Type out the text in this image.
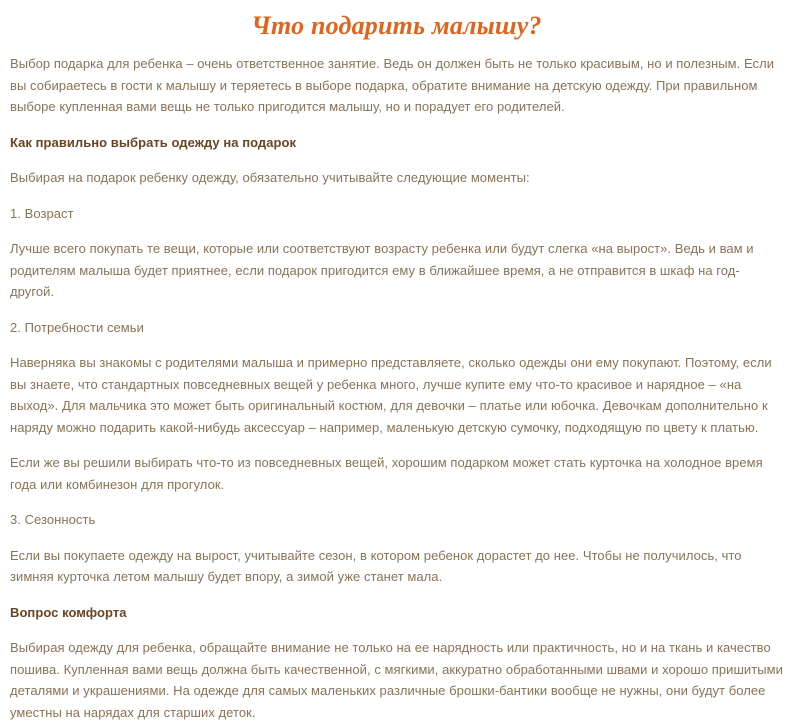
Что подарить малышу?

Выбор подарка для ребенка – очень ответственное занятие. Ведь он должен быть не только красивым, но и полезным. Если вы собираетесь в гости к малышу и теряетесь в выборе подарка, обратите внимание на детскую одежду. При правильном выборе купленная вами вещь не только пригодится малышу, но и порадует его родителей.

Как правильно выбрать одежду на подарок

Выбирая на подарок ребенку одежду, обязательно учитывайте следующие моменты:

1. Возраст

Лучше всего покупать те вещи, которые или соответствуют возрасту ребенка или будут слегка «на вырост». Ведь и вам и родителям малыша будет приятнее, если подарок пригодится ему в ближайшее время, а не отправится в шкаф на год-другой.

2. Потребности семьи

Наверняка вы знакомы с родителями малыша и примерно представляете, сколько одежды они ему покупают. Поэтому, если вы знаете, что стандартных повседневных вещей у ребенка много, лучше купите ему что-то красивое и нарядное – «на выход». Для мальчика это может быть оригинальный костюм, для девочки – платье или юбочка. Девочкам дополнительно к наряду можно подарить какой-нибудь аксессуар – например, маленькую детскую сумочку, подходящую по цвету к платью.

Если же вы решили выбирать что-то из повседневных вещей, хорошим подарком может стать курточка на холодное время года или комбинезон для прогулок.

3. Сезонность

Если вы покупаете одежду на вырост, учитывайте сезон, в котором ребенок дорастет до нее. Чтобы не получилось, что зимняя курточка летом малышу будет впору, а зимой уже станет мала.

Вопрос комфорта

Выбирая одежду для ребенка, обращайте внимание не только на ее нарядность или практичность, но и на ткань и качество пошива. Купленная вами вещь должна быть качественной, с мягкими, аккуратно обработанными швами и хорошо пришитыми деталями и украшениями. На одежде для самых маленьких различные брошки-бантики вообще не нужны, они будут более уместны на нарядах для старших деток.
